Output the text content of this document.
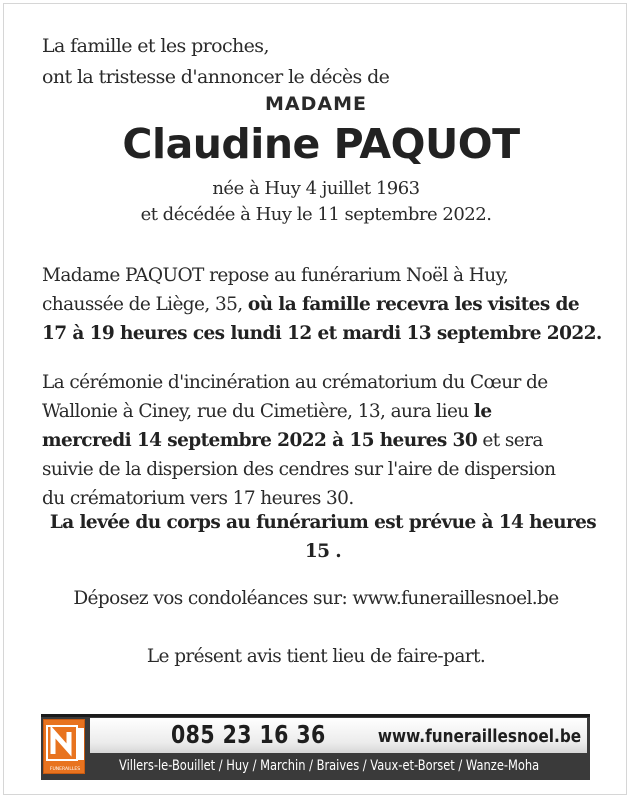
La famille et les proches,
ont la tristesse d'annoncer le décès de
MADAME
Claudine PAQUOT
née à Huy 4 juillet 1963
et décédée à Huy le 11 septembre 2022.
Madame PAQUOT repose au funérarium Noël à Huy,
chaussée de Liège, 35, où la famille recevra les visites de
17 à 19 heures ces lundi 12 et mardi 13 septembre 2022.
La cérémonie d'incinération au crématorium du Cœur de
Wallonie à Ciney, rue du Cimetière, 13, aura lieu le
mercredi 14 septembre 2022 à 15 heures 30 et sera
suivie de la dispersion des cendres sur l'aire de dispersion
du crématorium vers 17 heures 30.
La levée du corps au funérarium est prévue à 14 heures
15 .
Déposez vos condoléances sur: www.funeraillesnoel.be
Le présent avis tient lieu de faire-part.
FUNERAILLES
085 23 16 36	www.funeraillesnoel.be
Villers-le-Bouillet / Huy / Marchin / Braives / Vaux-et-Borset / Wanze-Moha
